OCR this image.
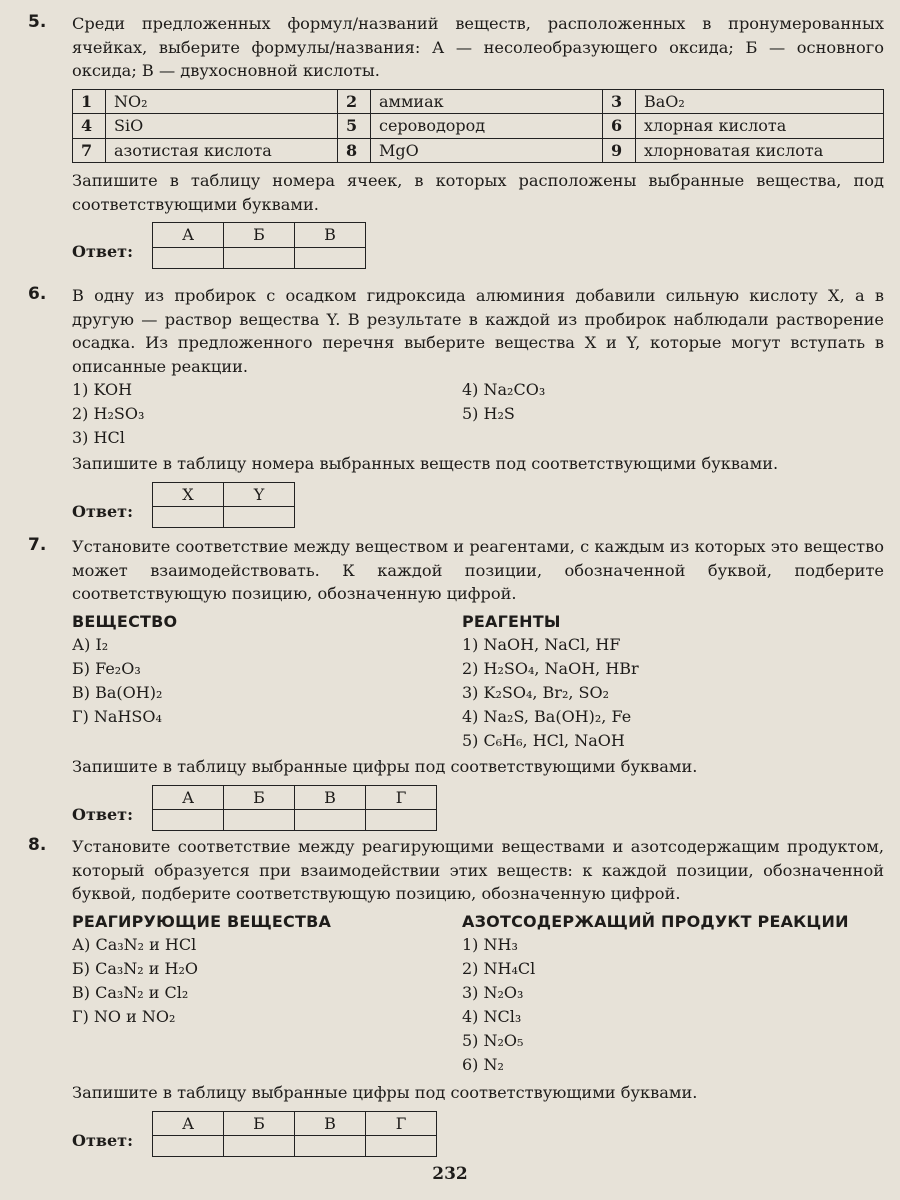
5. Среди предложенных формул/названий веществ, расположенных в пронумерованных ячейках, выберите формулы/названия: А — несолеобразующего оксида; Б — основного оксида; В — двухосновной кислоты.
1	NO₂	2	аммиак	3	BaO₂
4	SiO	5	сероводород	6	хлорная кислота
7	азотистая кислота	8	MgO	9	хлорноватая кислота
Запишите в таблицу номера ячеек, в которых расположены выбранные вещества, под соответствующими буквами.
Ответ:
А	Б	В

6. В одну из пробирок с осадком гидроксида алюминия добавили сильную кислоту X, а в другую — раствор вещества Y. В результате в каждой из пробирок наблюдали растворение осадка. Из предложенного перечня выберите вещества X и Y, которые могут вступать в описанные реакции.
1) KOH
2) H₂SO₃
3) HCl
4) Na₂CO₃
5) H₂S
Запишите в таблицу номера выбранных веществ под соответствующими буквами.
Ответ:
X	Y

7. Установите соответствие между веществом и реагентами, с каждым из которых это вещество может взаимодействовать. К каждой позиции, обозначенной буквой, подберите соответствующую позицию, обозначенную цифрой.
ВЕЩЕСТВО
А) I₂
Б) Fe₂O₃
В) Ba(OH)₂
Г) NaHSO₄
РЕАГЕНТЫ
1) NaOH, NaCl, HF
2) H₂SO₄, NaOH, HBr
3) K₂SO₄, Br₂, SO₂
4) Na₂S, Ba(OH)₂, Fe
5) C₆H₆, HCl, NaOH
Запишите в таблицу выбранные цифры под соответствующими буквами.
Ответ:
А	Б	В	Г

8. Установите соответствие между реагирующими веществами и азотсодержащим продуктом, который образуется при взаимодействии этих веществ: к каждой позиции, обозначенной буквой, подберите соответствующую позицию, обозначенную цифрой.
РЕАГИРУЮЩИЕ ВЕЩЕСТВА
А) Ca₃N₂ и HCl
Б) Ca₃N₂ и H₂O
В) Ca₃N₂ и Cl₂
Г) NO и NO₂
АЗОТСОДЕРЖАЩИЙ ПРОДУКТ РЕАКЦИИ
1) NH₃
2) NH₄Cl
3) N₂O₃
4) NCl₃
5) N₂O₅
6) N₂
Запишите в таблицу выбранные цифры под соответствующими буквами.
Ответ:
А	Б	В	Г

232
